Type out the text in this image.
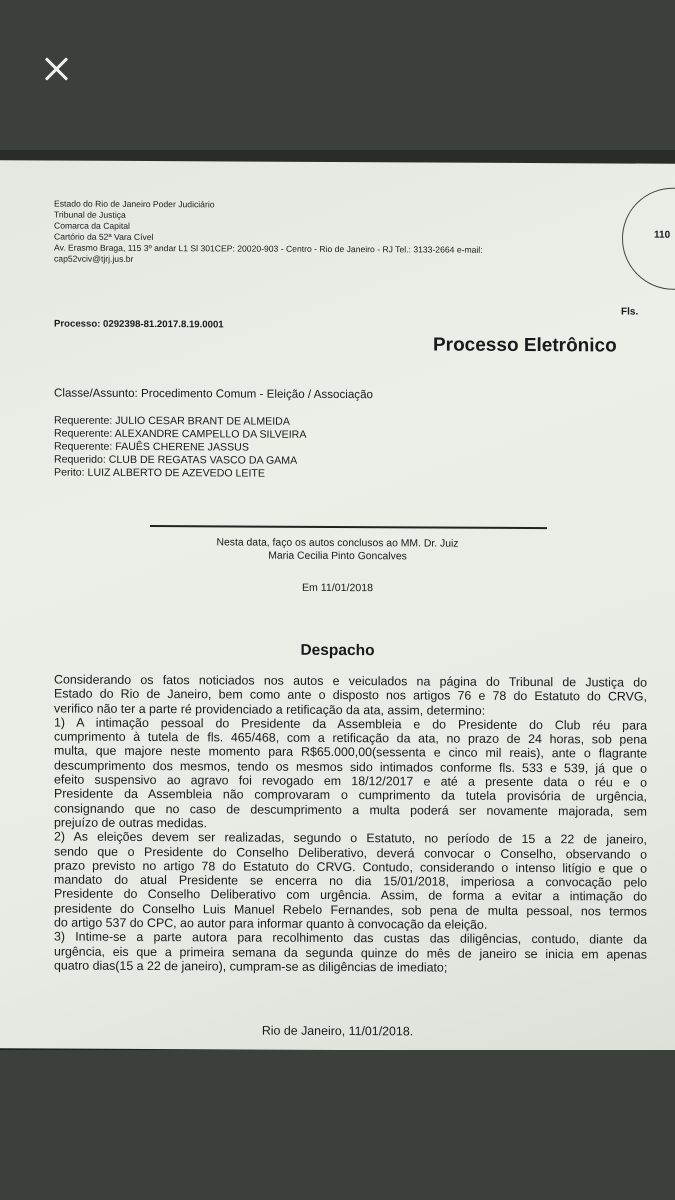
Estado do Rio de Janeiro Poder Judiciário
Tribunal de Justiça
Comarca da Capital
Cartório da 52ª Vara Cível
Av. Erasmo Braga, 115 3º andar L1 Sl 301CEP: 20020-903 - Centro - Rio de Janeiro - RJ Tel.: 3133-2664 e-mail:
cap52vciv@tjrj.jus.br
110
Fls.
Processo: 0292398-81.2017.8.19.0001
Processo Eletrônico
Classe/Assunto: Procedimento Comum - Eleição / Associação
Requerente: JULIO CESAR BRANT DE ALMEIDA
Requerente: ALEXANDRE CAMPELLO DA SILVEIRA
Requerente: FAUÊS CHERENE JASSUS
Requerido: CLUB DE REGATAS VASCO DA GAMA
Perito: LUIZ ALBERTO DE AZEVEDO LEITE
Nesta data, faço os autos conclusos ao MM. Dr. Juiz
Maria Cecilia Pinto Goncalves
Em 11/01/2018
Despacho
Considerando os fatos noticiados nos autos e veiculados na página do Tribunal de Justiça do
Estado do Rio de Janeiro, bem como ante o disposto nos artigos 76 e 78 do Estatuto do CRVG,
verifico não ter a parte ré providenciado a retificação da ata, assim, determino:
1) A intimação pessoal do Presidente da Assembleia e do Presidente do Club réu para
cumprimento à tutela de fls. 465/468, com a retificação da ata, no prazo de 24 horas, sob pena
multa, que majore neste momento para R$65.000,00(sessenta e cinco mil reais), ante o flagrante
descumprimento dos mesmos, tendo os mesmos sido intimados conforme fls. 533 e 539, já que o
efeito suspensivo ao agravo foi revogado em 18/12/2017 e até a presente data o réu e o
Presidente da Assembleia não comprovaram o cumprimento da tutela provisória de urgência,
consignando que no caso de descumprimento a multa poderá ser novamente majorada, sem
prejuízo de outras medidas.
2) As eleições devem ser realizadas, segundo o Estatuto, no período de 15 a 22 de janeiro,
sendo que o Presidente do Conselho Deliberativo, deverá convocar o Conselho, observando o
prazo previsto no artigo 78 do Estatuto do CRVG. Contudo, considerando o intenso litígio e que o
mandato do atual Presidente se encerra no dia 15/01/2018, imperiosa a convocação pelo
Presidente do Conselho Deliberativo com urgência. Assim, de forma a evitar a intimação do
presidente do Conselho Luis Manuel Rebelo Fernandes, sob pena de multa pessoal, nos termos
do artigo 537 do CPC, ao autor para informar quanto à convocação da eleição.
3) Intime-se a parte autora para recolhimento das custas das diligências, contudo, diante da
urgência, eis que a primeira semana da segunda quinze do mês de janeiro se inicia em apenas
quatro dias(15 a 22 de janeiro), cumpram-se as diligências de imediato;
Rio de Janeiro, 11/01/2018.
